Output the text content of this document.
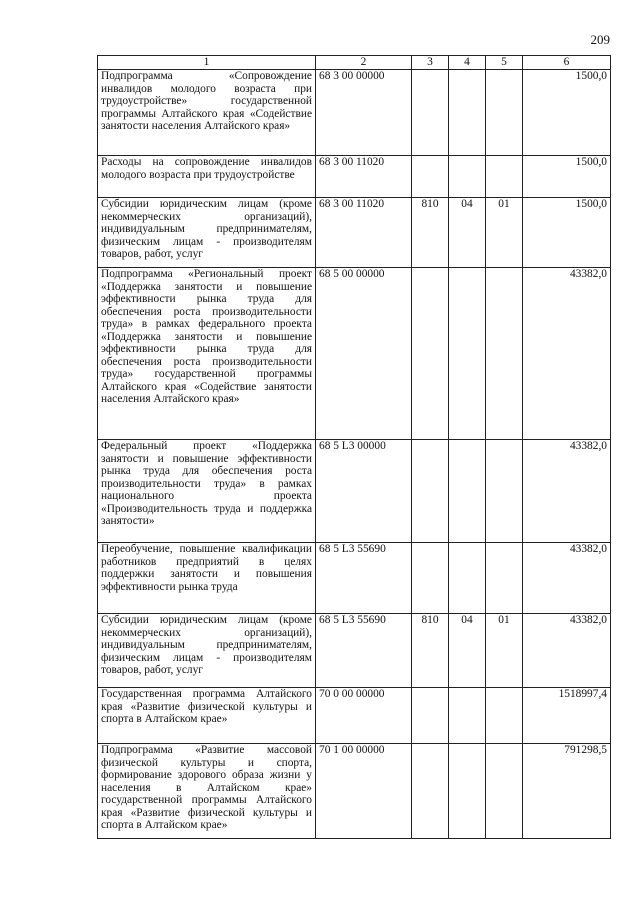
209
1	2	3	4	5	6
Подпрограмма «Сопровождение инвалидов молодого возраста при трудоустройстве» государственной программы Алтайского края «Содействие занятости населения Алтайского края»	68 3 00 00000				1500,0
Расходы на сопровождение инвалидов молодого возраста при трудоустройстве	68 3 00 11020				1500,0
Субсидии юридическим лицам (кроме некоммерческих организаций), индивидуальным предпринимателям, физическим лицам - производителям товаров, работ, услуг	68 3 00 11020	810	04	01	1500,0
Подпрограмма «Региональный проект «Поддержка занятости и повышение эффективности рынка труда для обеспечения роста производительности труда» в рамках федерального проекта «Поддержка занятости и повышение эффективности рынка труда для обеспечения роста производительности труда» государственной программы Алтайского края «Содействие занятости населения Алтайского края»	68 5 00 00000				43382,0
Федеральный проект «Поддержка занятости и повышение эффективности рынка труда для обеспечения роста производительности труда» в рамках национального проекта «Производительность труда и поддержка занятости»	68 5 L3 00000				43382,0
Переобучение, повышение квалификации работников предприятий в целях поддержки занятости и повышения эффективности рынка труда	68 5 L3 55690				43382,0
Субсидии юридическим лицам (кроме некоммерческих организаций), индивидуальным предпринимателям, физическим лицам - производителям товаров, работ, услуг	68 5 L3 55690	810	04	01	43382,0
Государственная программа Алтайского края «Развитие физической культуры и спорта в Алтайском крае»	70 0 00 00000				1518997,4
Подпрограмма «Развитие массовой физической культуры и спорта, формирование здорового образа жизни у населения в Алтайском крае» государственной программы Алтайского края «Развитие физической культуры и спорта в Алтайском крае»	70 1 00 00000				791298,5
